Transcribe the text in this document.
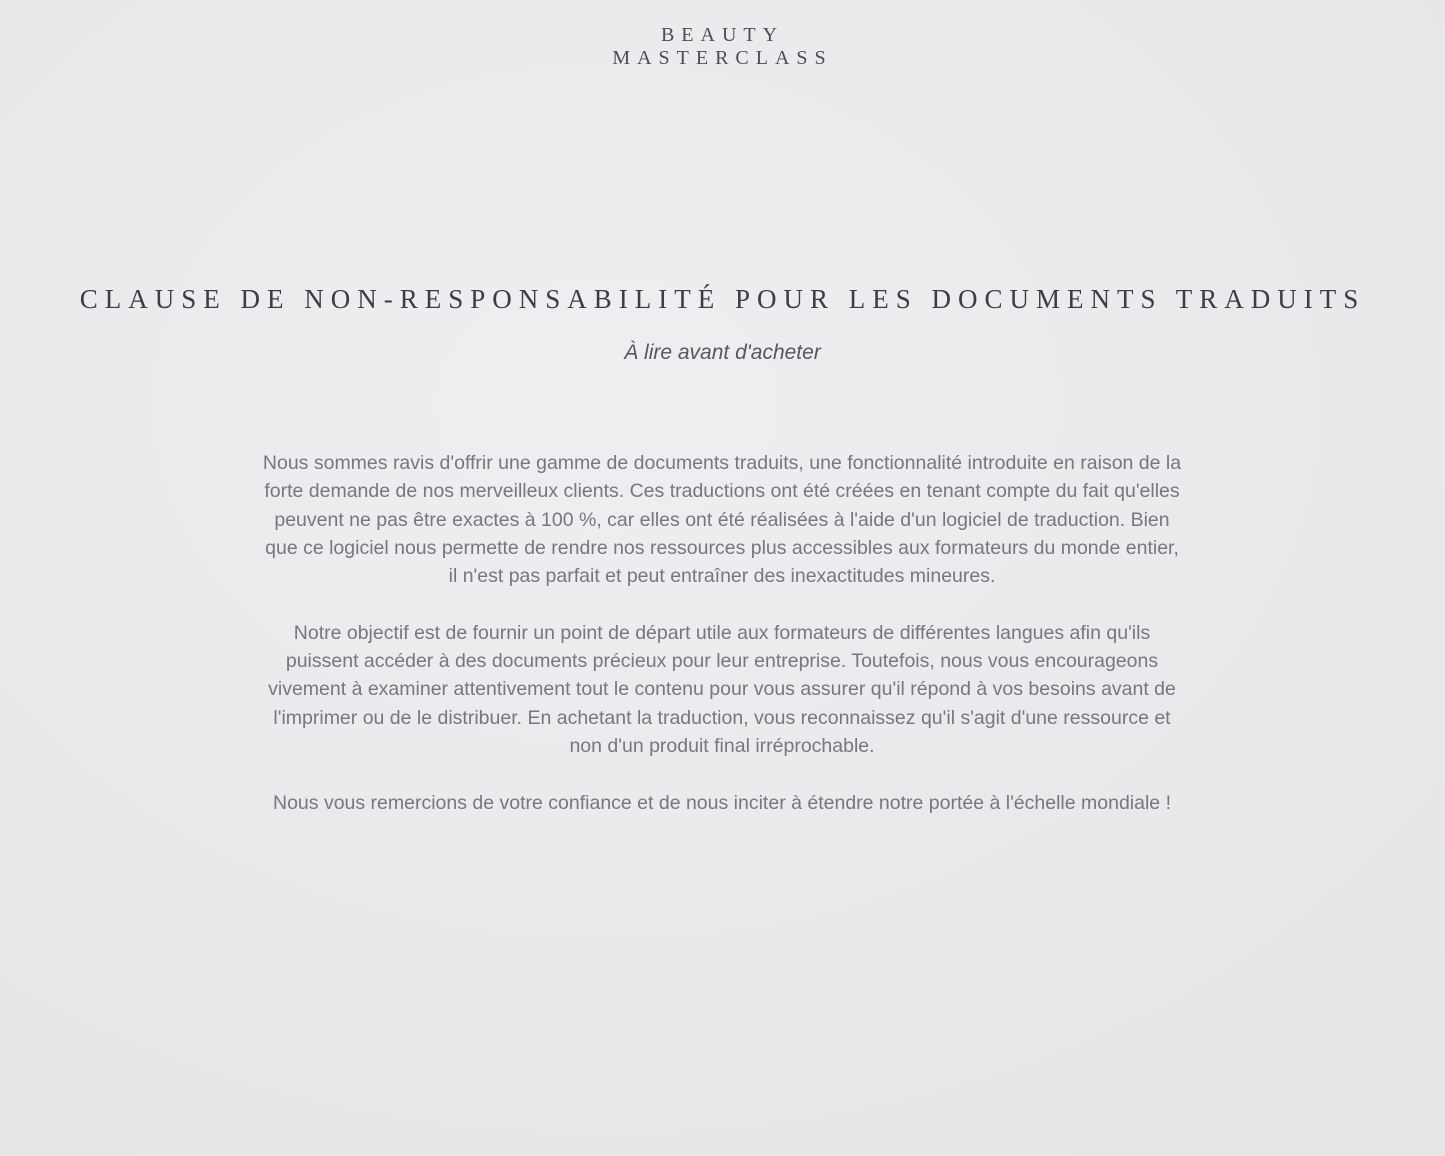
BEAUTY
MASTERCLASS
CLAUSE DE NON-RESPONSABILITÉ POUR LES DOCUMENTS TRADUITS
À lire avant d'acheter

Nous sommes ravis d'offrir une gamme de documents traduits, une fonctionnalité introduite en raison de la forte demande de nos merveilleux clients. Ces traductions ont été créées en tenant compte du fait qu'elles peuvent ne pas être exactes à 100 %, car elles ont été réalisées à l'aide d'un logiciel de traduction. Bien que ce logiciel nous permette de rendre nos ressources plus accessibles aux formateurs du monde entier, il n'est pas parfait et peut entraîner des inexactitudes mineures.

Notre objectif est de fournir un point de départ utile aux formateurs de différentes langues afin qu'ils puissent accéder à des documents précieux pour leur entreprise. Toutefois, nous vous encourageons vivement à examiner attentivement tout le contenu pour vous assurer qu'il répond à vos besoins avant de l'imprimer ou de le distribuer. En achetant la traduction, vous reconnaissez qu'il s'agit d'une ressource et non d'un produit final irréprochable.

Nous vous remercions de votre confiance et de nous inciter à étendre notre portée à l'échelle mondiale !
